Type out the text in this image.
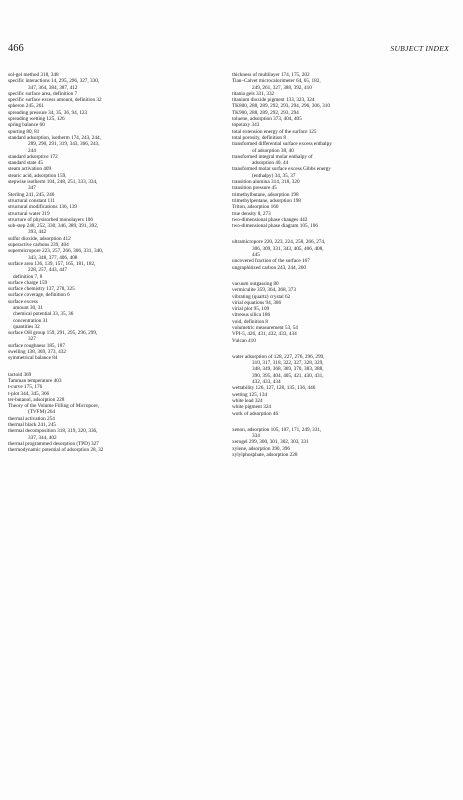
466	SUBJECT INDEX
sol-gel method 318, 348
specific interactions 14, 295, 296, 327, 330,
347, 364, 384, 387, 412
specific surface area, definition 7
specific surface excess amount, definition 32
spheron 245, 261
spreading pressure 34, 35, 36, 94, 123
spreading wetting 125, 126
spring balance 60
spurting 80, 81
standard adsorption, isotherm 174, 243, 244,
289, 290, 291, 319, 343, 366, 243,
244
standard adsorptive 172
standard state 45
steam activation 409
stearic acid, adsorption 159,
stepwise isotherm 104, 248, 251, 333, 334,
347
Sterling 241, 245, 246
structural constant 111
structural modifications 136, 139
structural water 319
structure of physisorbed monolayers 106
sub-step 248, 252, 330, 346, 389, 391, 392,
393, 442
sulfur dioxide, adsorption 412
superactive carbons 239, 404
supermicropore 223, 257, 266, 306, 331, 340,
343, 348, 377, 406, 408
surface area 136, 139, 157, 165, 181, 182,
228, 257, 443, 447
definition 7, 8
surface charge 159
surface chemistry 137, 278, 325
surface coverage, definition 6
surface excess
amount 30, 31
chemical potential 33, 35, 36
concentration 31
quantities 32
surface OH group 159, 291, 295, 296, 299,
327
surface roughness 185, 187
swelling 138, 369, 373, 432
symmetrical balance 84
tactoid 369
Tamman temperature 403
t-curve 175, 176
t-plot 344, 345, 366
ter-butanol, adsorption 228
Theory of the Volume Filling of Micropore,
(TVFM) 264
thermal activation 254
thermal black 241, 245
thermal decomposition 318, 319, 320, 336,
337, 344, 402
thermal programmed desorption (TPD) 327
thermodynamic potential of adsorption 28, 32
thickness of multilayer 174, 175, 202
Tian–Calvet microcalorimeter 64, 65, 182,
249, 261, 327, 388, 392, 410
titania gels 331, 332
titanium dioxide pigment 133, 323, 324
TK800, 288, 289, 292, 293, 294, 296, 306, 310
TK900, 288, 289, 292, 293, 294
toluene, adsorption 373, 404, 405
topotaxy 343
total extension energy of the surface 125
total porosity, definition 8
transformed differential surface excess enthalpy
of adsorption 38, 40
transformed integral molar enthalpy of
adsorption 40, 44
transformed molar surface excess Gibbs energy
(enthalpy) 34, 35, 37
transition alumina 314, 318, 320
transition pressure 45
trimethylbutane, adsorption 198
trimethylpentane, adsorption 198
Triton, adsorption 160
true density 8, 273
two-dimensional phase changes 442
two-dimensional phase diagram 105, 106
ultramicropore 220, 223, 224, 258, 266, 274,
306, 309, 331, 343, 405, 406, 408,
445
uncovered fraction of the surface 167
ungraphitized carbon 243, 244, 260
vacuum outgassing 80
vermiculite 359, 364, 368, 373
vibrating (quartz) crystal 62
virial equations 94, 386
virial plot 95, 109
vitreous silica 186
void, definition 8
volumetric measurement 53, 54
VPI-5, 426, 431, 432, 433, 434
Vulcan 410
water adsorption of 128, 227, 276, 296, 299,
310, 317, 318, 322, 327, 328, 329,
348, 349, 368, 369, 370, 383, 388,
390, 395, 404, 405, 421, 430, 431,
432, 433, 434
wettability 126, 127, 128, 135, 136, 446
wetting 125, 134
white lead 324
white pigment 324
work of adsorption 46
xenon, adsorption 105, 107, 171, 249, 331,
334
xerogel 299, 300, 301, 302, 303, 331
xylene, adsorption 390, 396
xylylphosphate, adsorption 228
